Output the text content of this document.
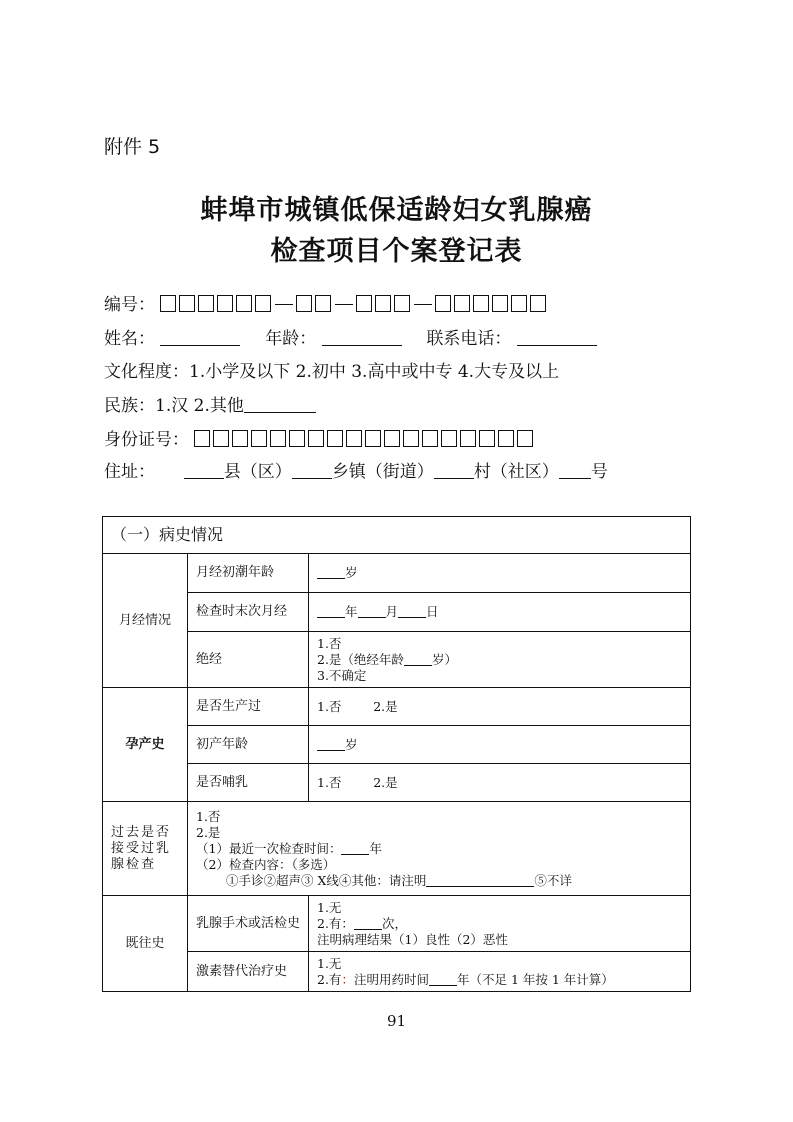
附件 5
蚌埠市城镇低保适龄妇女乳腺癌
检查项目个案登记表
编号：
姓名：	年龄：	联系电话：
文化程度：1.小学及以下 2.初中 3.高中或中专 4.大专及以上
民族：1.汉 2.其他
身份证号：
住址：	县（区） 乡镇（街道） 村（社区） 号
（一）病史情况		
月经情况	月经初潮年龄	岁
	检查时末次月经	年 月 日
	绝经	1.否
2.是（绝经年龄 岁）
3.不确定

孕产史	是否生产过	1.否        2.是
	初产年龄	岁
	是否哺乳	1.否        2.是
过去是否接受过乳腺检查	1.否
2.是
（1）最近一次检查时间： 年
（2）检查内容：（多选）
①手诊②超声③ X线④其他：请注明 ⑤不详	

既往史	乳腺手术或活检史	1.无
2.有： 次，
注明病理结果（1）良性（2）恶性

	激素替代治疗史	1.无
2.有：注明用药时间 年（不足 1 年按 1 年计算）
91
